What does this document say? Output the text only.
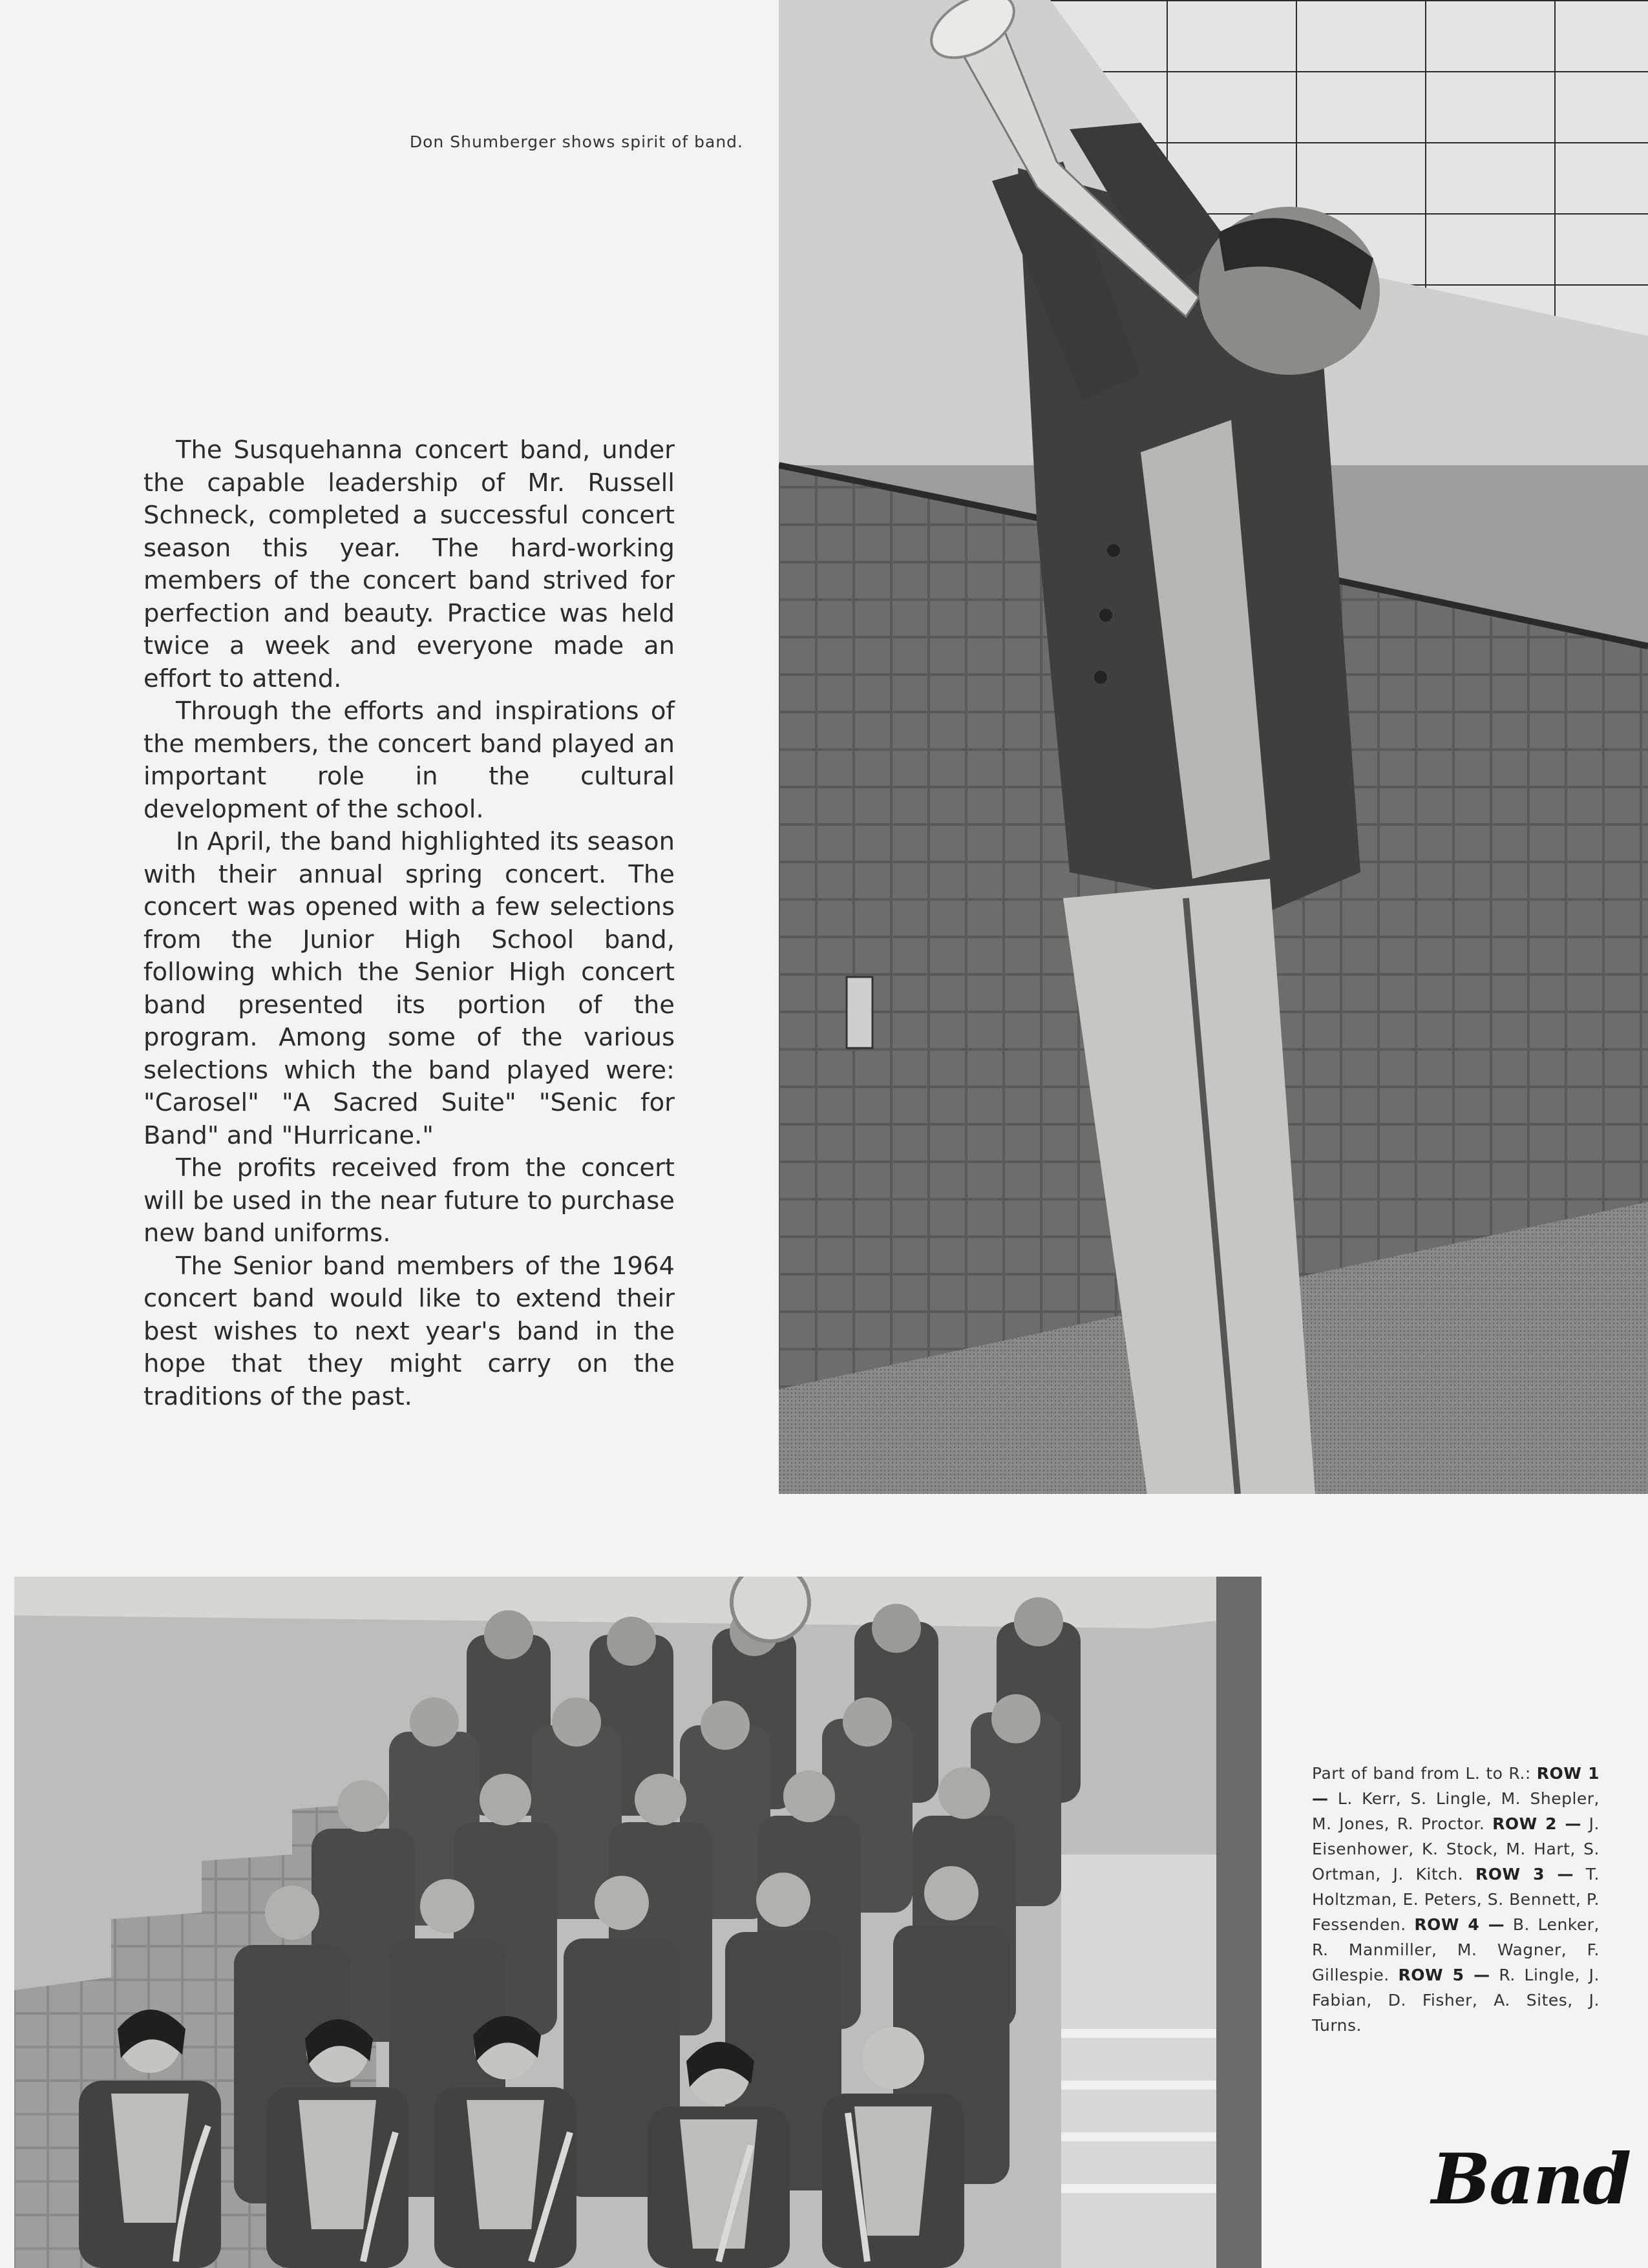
Don Shumberger shows spirit of band.

The Susquehanna concert band, under the capable leadership of Mr. Russell Schneck, completed a successful concert season this year. The hard-working members of the concert band strived for perfection and beauty. Practice was held twice a week and everyone made an effort to attend.

Through the efforts and inspirations of the members, the concert band played an important role in the cultural development of the school.

In April, the band highlighted its season with their annual spring concert. The concert was opened with a few selections from the Junior High School band, following which the Senior High concert band presented its portion of the program. Among some of the various selections which the band played were: "Carosel" "A Sacred Suite" "Senic for Band" and "Hurricane."

The profits received from the concert will be used in the near future to purchase new band uniforms.

The Senior band members of the 1964 concert band would like to extend their best wishes to next year's band in the hope that they might carry on the traditions of the past.

Part of band from L. to R.: ROW 1 — L. Kerr, S. Lingle, M. Shepler, M. Jones, R. Proctor. ROW 2 — J. Eisenhower, K. Stock, M. Hart, S. Ortman, J. Kitch. ROW 3 — T. Holtzman, E. Peters, S. Bennett, P. Fessenden. ROW 4 — B. Lenker, R. Manmiller, M. Wagner, F. Gillespie. ROW 5 — R. Lingle, J. Fabian, D. Fisher, A. Sites, J. Turns.
Band
